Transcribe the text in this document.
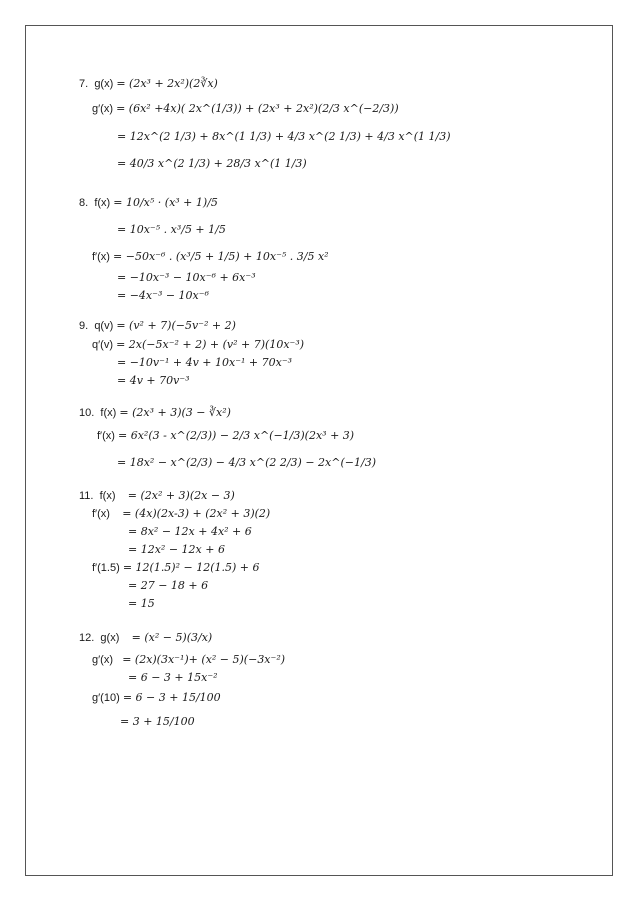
7. g(x) = (2x³ + 2x²)(2∛x)
g′(x) = (6x² +4x)( 2x^(1/3)) + (2x³ + 2x²)(2/3 x^(−2/3))
= 12x^(2 1/3) + 8x^(1 1/3) + 4/3 x^(2 1/3) + 4/3 x^(1 1/3)
= 40/3 x^(2 1/3) + 28/3 x^(1 1/3)
8. f(x) = 10/x⁵ · (x³ + 1)/5
= 10x⁻⁵ . x³/5 + 1/5
f′(x) = −50x⁻⁶ . (x³/5 + 1/5) + 10x⁻⁵ . 3/5 x²
= −10x⁻³ − 10x⁻⁶ + 6x⁻³
= −4x⁻³ − 10x⁻⁶
9. q(v) = (v² + 7)(−5v⁻² + 2)
q′(v) = 2x(−5x⁻² + 2) + (v² + 7)(10x⁻³)
= −10v⁻¹ + 4v + 10x⁻¹ + 70x⁻³
= 4v + 70v⁻³
10. f(x) = (2x³ + 3)(3 − ∛x²)
f′(x) = 6x²(3 - x^(2/3)) − 2/3 x^(−1/3)(2x³ + 3)
= 18x² − x^(2/3) − 4/3 x^(2 2/3) − 2x^(−1/3)
11. f(x) = (2x² + 3)(2x − 3)
f′(x) = (4x)(2x-3) + (2x² + 3)(2)
= 8x² − 12x + 4x² + 6
= 12x² − 12x + 6
f′(1.5) = 12(1.5)² − 12(1.5) + 6
= 27 − 18 + 6
= 15
12. g(x) = (x² − 5)(3/x)
g′(x) = (2x)(3x⁻¹)+ (x² − 5)(−3x⁻²)
= 6 − 3 + 15x⁻²
g′(10) = 6 − 3 + 15/100
= 3 + 15/100
